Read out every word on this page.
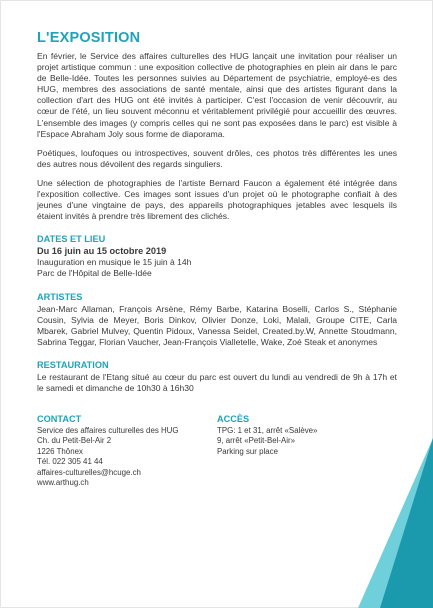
L'EXPOSITION

En février, le Service des affaires culturelles des HUG lançait une invitation pour réaliser un projet artistique commun : une exposition collective de photographies en plein air dans le parc de Belle-Idée. Toutes les personnes suivies au Département de psychiatrie, employé-es des HUG, membres des associations de santé mentale, ainsi que des artistes figurant dans la collection d'art des HUG ont été invités à participer. C'est l'occasion de venir découvrir, au cœur de l'été, un lieu souvent méconnu et véritablement privilégié pour accueillir des œuvres. L'ensemble des images (y compris celles qui ne sont pas exposées dans le parc) est visible à l'Espace Abraham Joly sous forme de diaporama.

Poétiques, loufoques ou introspectives, souvent drôles, ces photos très différentes les unes des autres nous dévoilent des regards singuliers.

Une sélection de photographies de l'artiste Bernard Faucon a également été intégrée dans l'exposition collective. Ces images sont issues d'un projet où le photographe confiait à des jeunes d'une vingtaine de pays, des appareils photographiques jetables avec lesquels ils étaient invités à prendre très librement des clichés.

DATES ET LIEU

Du 16 juin au 15 octobre 2019

Inauguration en musique le 15 juin à 14h

Parc de l'Hôpital de Belle-Idée

ARTISTES

Jean-Marc Allaman, François Arsène, Rémy Barbe, Katarina Boselli, Carlos S., Stéphanie Cousin, Sylvia de Meyer, Boris Dinkov, Olivier Donze, Loki, Malali, Groupe CITE, Carla Mbarek, Gabriel Mulvey, Quentin Pidoux, Vanessa Seidel, Created.by.W, Annette Stoudmann, Sabrina Teggar, Florian Vaucher, Jean-François Vialletelle, Wake, Zoé Steak et anonymes

RESTAURATION

Le restaurant de l'Etang situé au cœur du parc est ouvert du lundi au vendredi de 9h à 17h et le samedi et dimanche de 10h30 à 16h30

CONTACT

Service des affaires culturelles des HUG

Ch. du Petit-Bel-Air 2

1226 Thônex

Tél. 022 305 41 44

affaires-culturelles@hcuge.ch

www.arthug.ch

ACCÈS

TPG: 1 et 31, arrêt «Salève»

9, arrêt «Petit-Bel-Air»

Parking sur place
